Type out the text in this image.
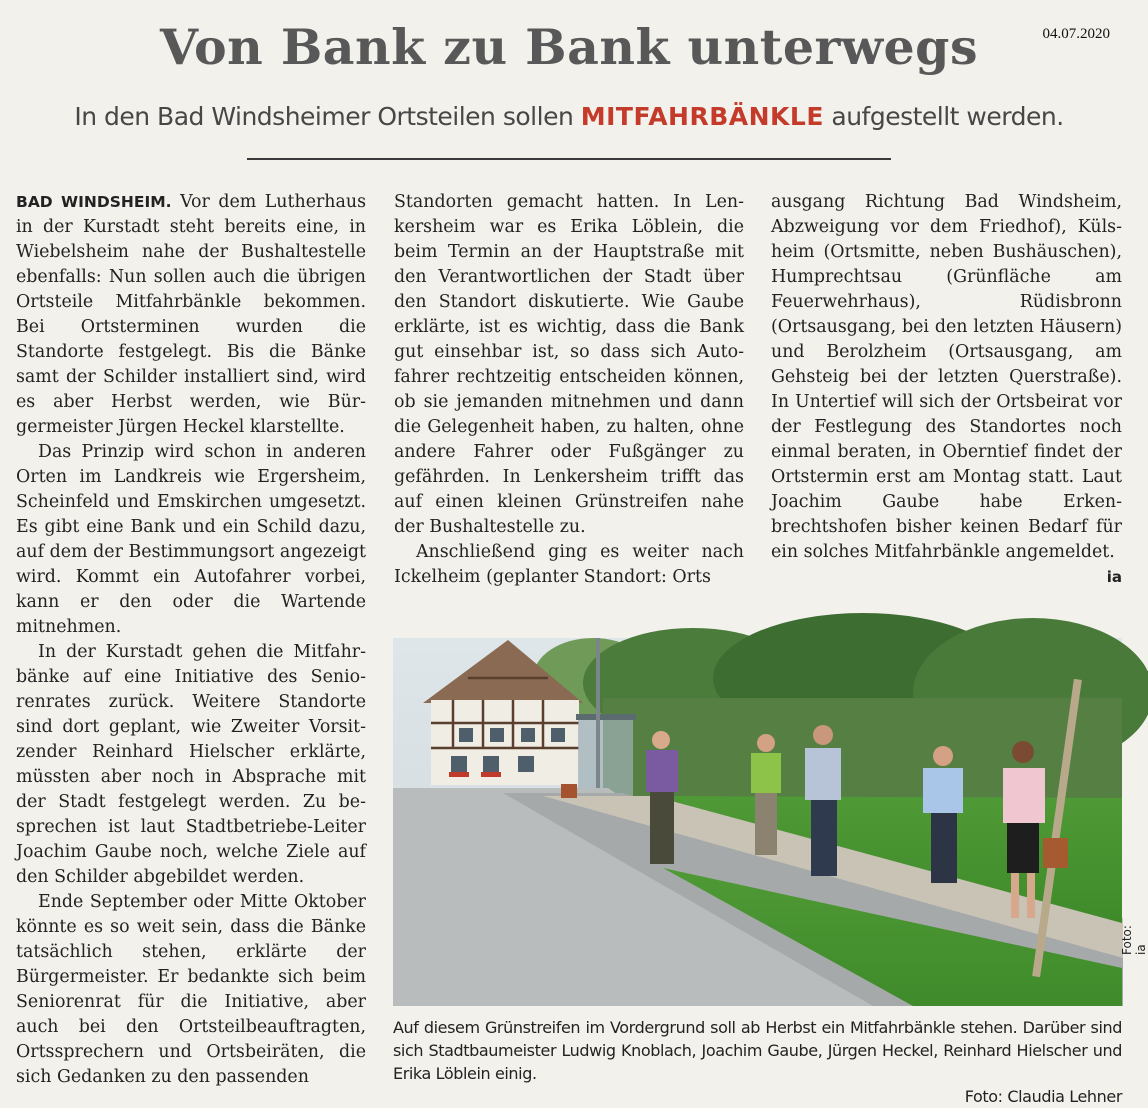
04.07.2020
Von Bank zu Bank unterwegs
In den Bad Windsheimer Ortsteilen sollen MITFAHRBÄNKLE aufgestellt werden.

BAD WINDSHEIM. Vor dem Lutherhaus in der Kurstadt steht bereits eine, in Wiebelsheim nahe der Bushaltestelle ebenfalls: Nun sollen auch die übrigen Ortsteile Mitfahrbänkle bekommen. Bei Ortsterminen wurden die Standorte festgelegt. Bis die Bänke samt der Schilder installiert sind, wird es aber Herbst werden, wie Bürgermeister Jürgen Heckel klarstellte.

Das Prinzip wird schon in anderen Orten im Landkreis wie Ergersheim, Scheinfeld und Emskirchen umgesetzt. Es gibt eine Bank und ein Schild dazu, auf dem der Bestimmungsort angezeigt wird. Kommt ein Autofahrer vorbei, kann er den oder die Wartende mitnehmen.

In der Kurstadt gehen die Mitfahrbänke auf eine Initiative des Seniorenrates zurück. Weitere Standorte sind dort geplant, wie Zweiter Vorsitzender Reinhard Hielscher erklärte, müssten aber noch in Absprache mit der Stadt festgelegt werden. Zu besprechen ist laut Stadtbetriebe-Leiter Joachim Gaube noch, welche Ziele auf den Schilder abgebildet werden.

Ende September oder Mitte Oktober könnte es so weit sein, dass die Bänke tatsächlich stehen, erklärte der Bürgermeister. Er bedankte sich beim Seniorenrat für die Initiative, aber auch bei den Ortsteilbeauftragten, Ortssprechern und Ortsbeiräten, die sich Gedanken zu den passenden

Standorten gemacht hatten. In Lenkersheim war es Erika Löblein, die beim Termin an der Hauptstraße mit den Verantwortlichen der Stadt über den Standort diskutierte. Wie Gaube erklärte, ist es wichtig, dass die Bank gut einsehbar ist, so dass sich Autofahrer rechtzeitig entscheiden können, ob sie jemanden mitnehmen und dann die Gelegenheit haben, zu halten, ohne andere Fahrer oder Fußgänger zu gefährden. In Lenkersheim trifft das auf einen kleinen Grünstreifen nahe der Bushaltestelle zu.

Anschließend ging es weiter nach Ickelheim (geplanter Standort: Orts

ausgang Richtung Bad Windsheim, Abzweigung vor dem Friedhof), Külsheim (Ortsmitte, neben Bushäuschen), Humprechtsau (Grünfläche am Feuerwehrhaus), Rüdisbronn (Ortsausgang, bei den letzten Häusern) und Berolzheim (Ortsausgang, am Gehsteig bei der letzten Querstraße). In Untertief will sich der Ortsbeirat vor der Festlegung des Standortes noch einmal beraten, in Oberntief findet der Ortstermin erst am Montag statt. Laut Joachim Gaube habe Erkenbrechtshofen bisher keinen Bedarf für ein solches Mitfahrbänkle angemeldet.
ia

Foto: ia
Auf diesem Grünstreifen im Vordergrund soll ab Herbst ein Mitfahrbänkle stehen. Darüber sind sich Stadtbaumeister Ludwig Knoblach, Joachim Gaube, Jürgen Heckel, Reinhard Hielscher und Erika Löblein einig.
Foto: Claudia Lehner
